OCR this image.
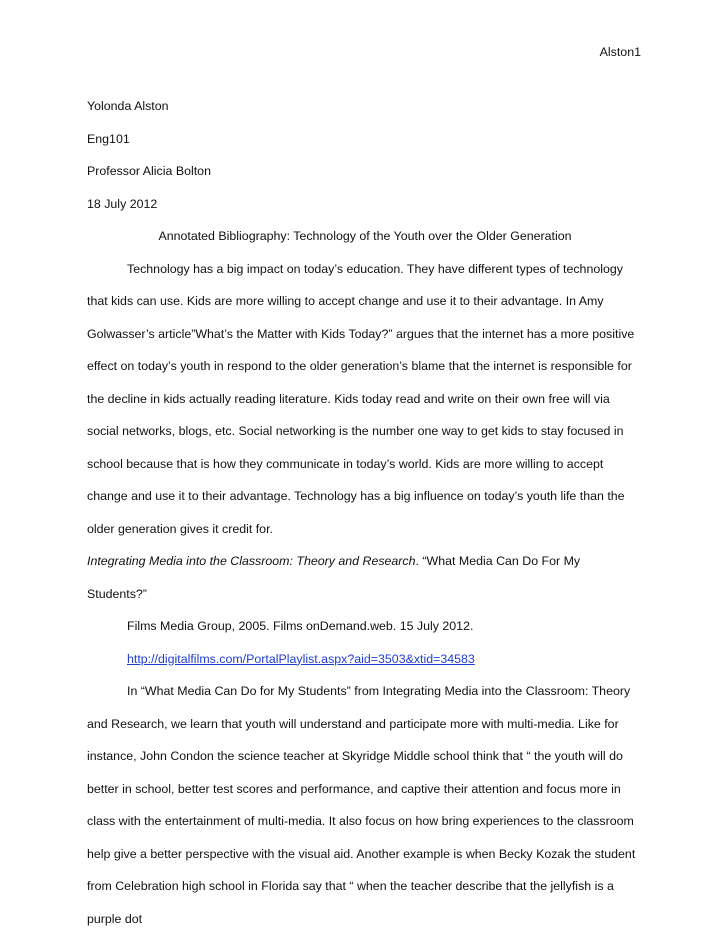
Alston1

Yolonda Alston

Eng101

Professor Alicia Bolton

18 July 2012

Annotated Bibliography: Technology of the Youth over the Older Generation

Technology has a big impact on today’s education. They have different types of technology that kids can use. Kids are more willing to accept change and use it to their advantage. In Amy Golwasser’s article”What’s the Matter with Kids Today?” argues that the internet has a more positive effect on today’s youth in respond to the older generation’s blame that the internet is responsible for the decline in kids actually reading literature. Kids today read and write on their own free will via social networks, blogs, etc. Social networking is the number one way to get kids to stay focused in school because that is how they communicate in today’s world. Kids are more willing to accept change and use it to their advantage. Technology has a big influence on today’s youth life than the older generation gives it credit for.

Integrating Media into the Classroom: Theory and Research. “What Media Can Do For My Students?”

Films Media Group, 2005. Films onDemand.web. 15 July 2012.

http://digitalfilms.com/PortalPlaylist.aspx?aid=3503&xtid=34583

In “What Media Can Do for My Students” from Integrating Media into the Classroom: Theory and Research, we learn that youth will understand and participate more with multi-media. Like for instance, John Condon the science teacher at Skyridge Middle school think that “ the youth will do better in school, better test scores and performance, and captive their attention and focus more in class with the entertainment of multi-media. It also focus on how bring experiences to the classroom help give a better perspective with the visual aid. Another example is when Becky Kozak the student from Celebration high school in Florida say that “ when the teacher describe that the jellyfish is a purple dot
